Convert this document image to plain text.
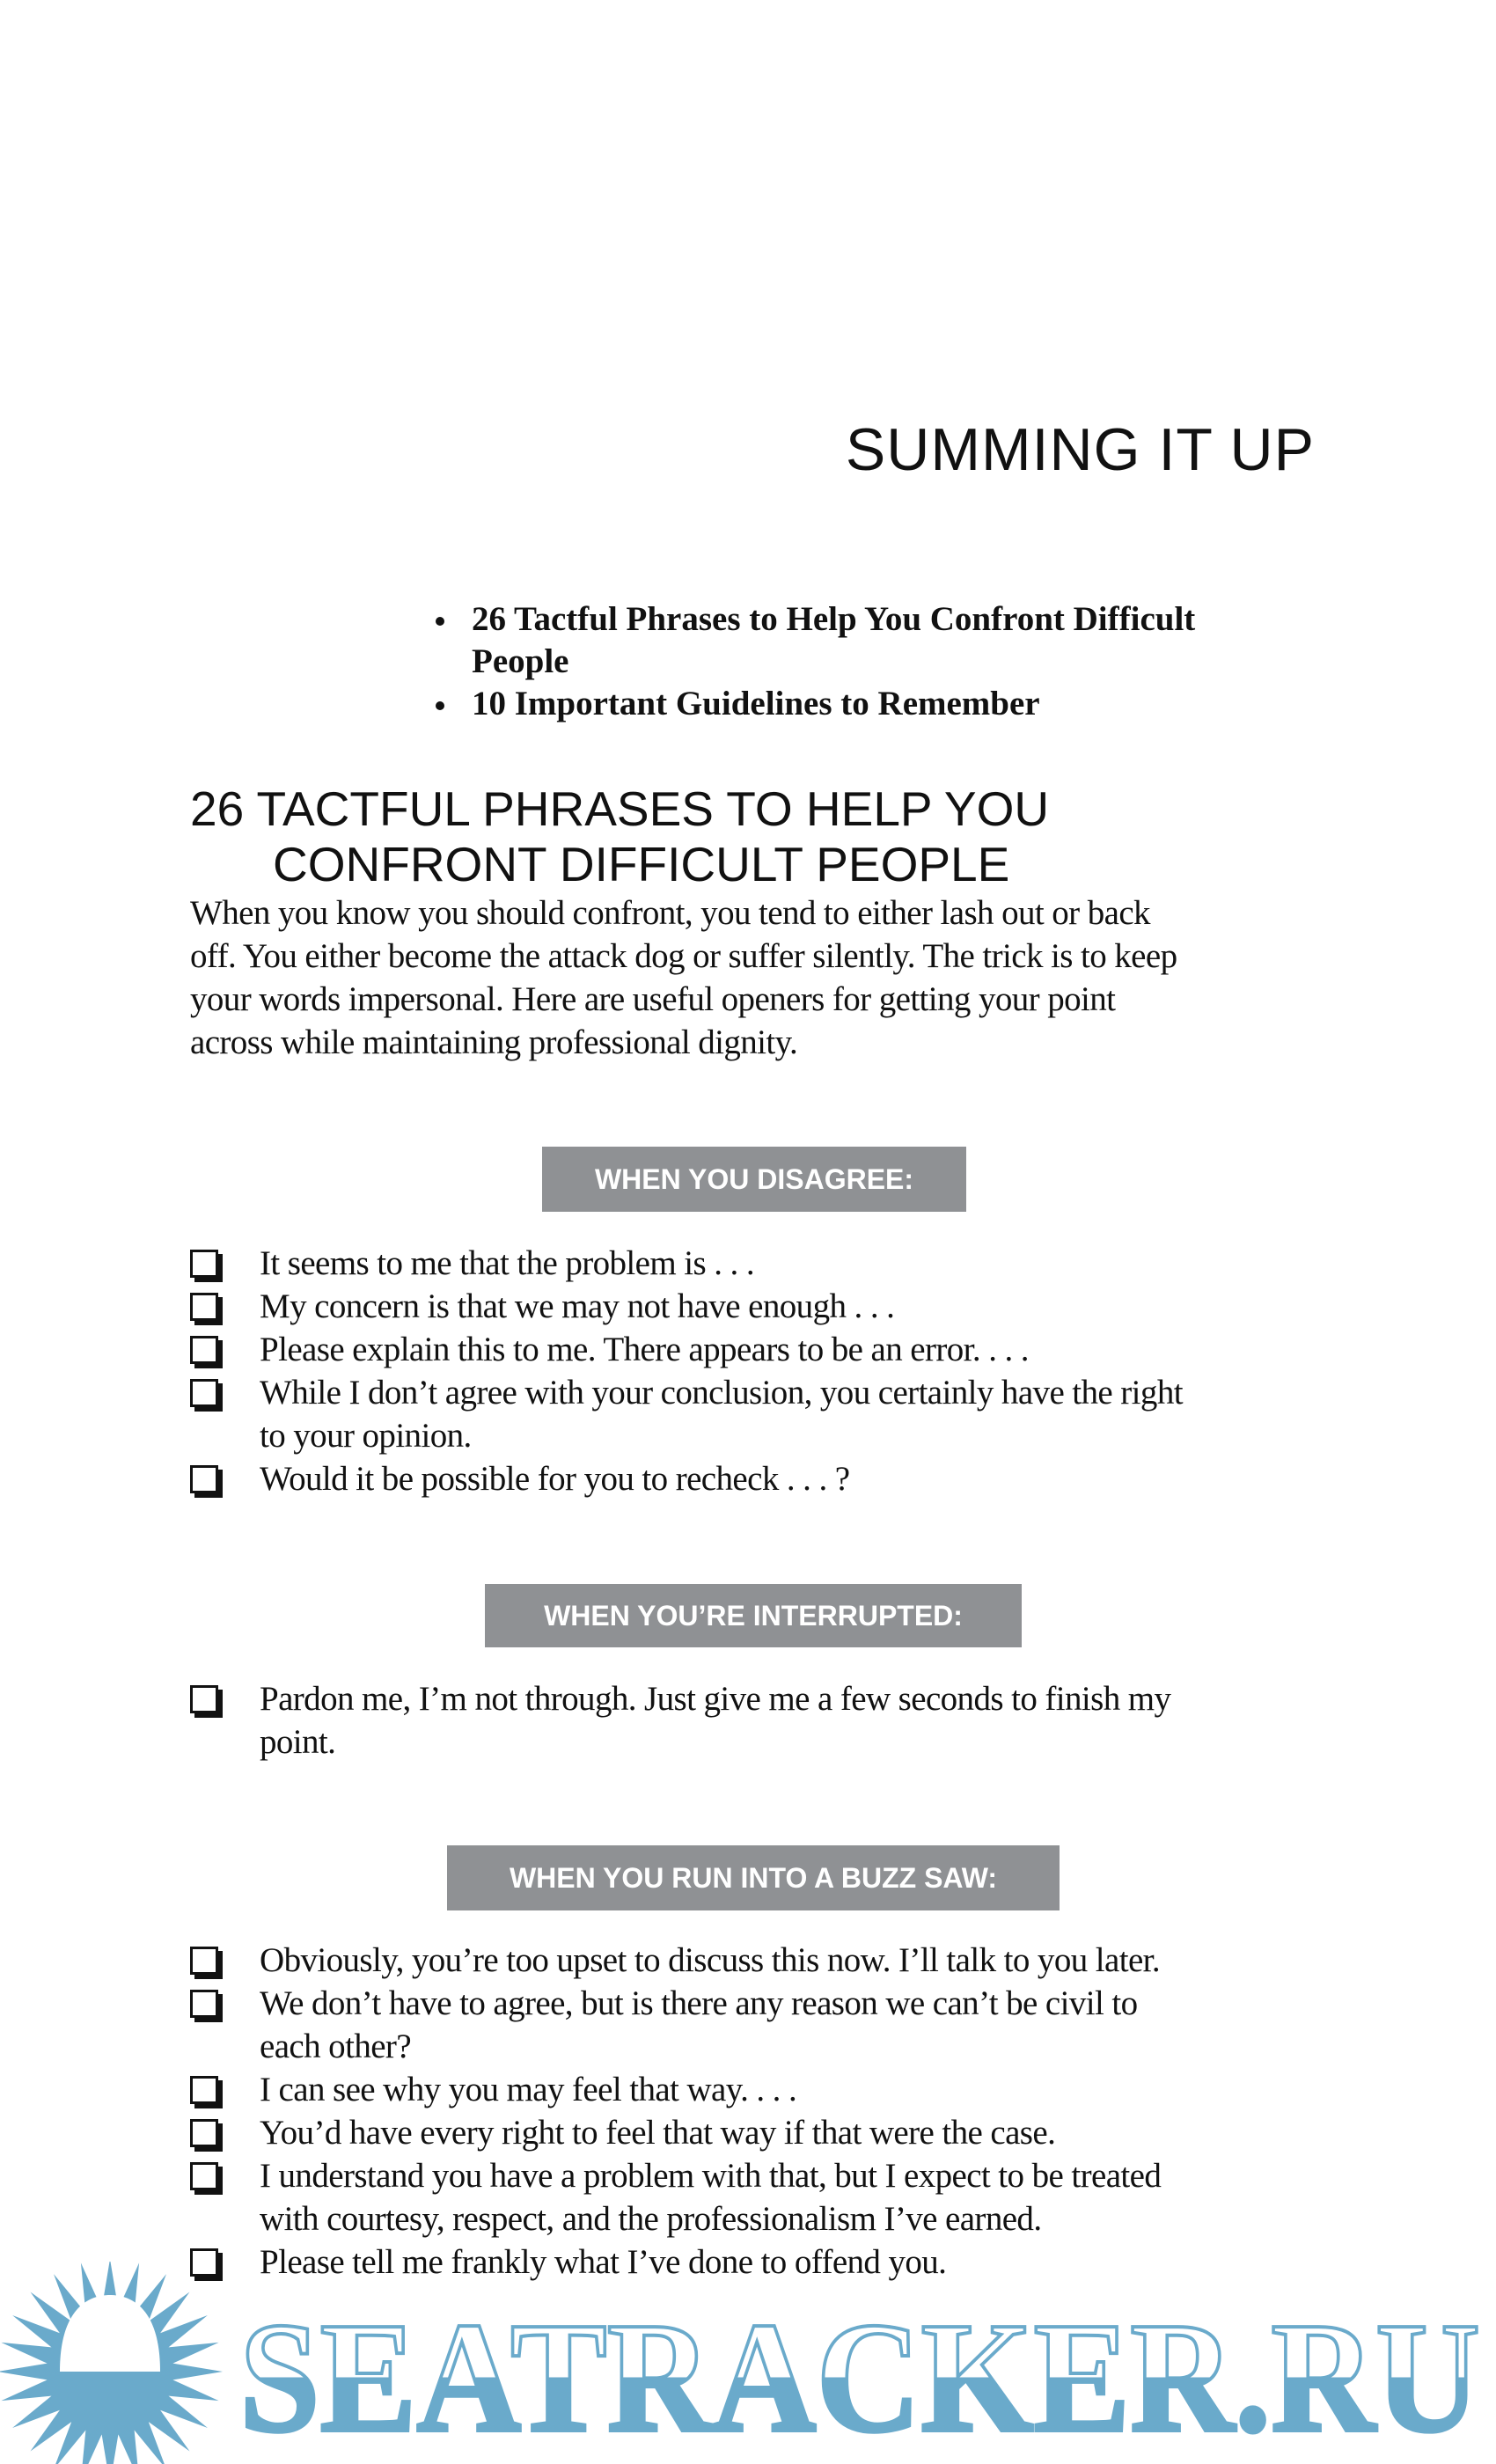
SUMMING IT UP
26 Tactful Phrases to Help You Confront Difficult People
10 Important Guidelines to Remember
26 TACTFUL PHRASES TO HELP YOU
CONFRONT DIFFICULT PEOPLE
When you know you should confront, you tend to either lash out or back
off. You either become the attack dog or suffer silently. The trick is to keep
your words impersonal. Here are useful openers for getting your point
across while maintaining professional dignity.
WHEN YOU DISAGREE:
It seems to me that the problem is . . .
My concern is that we may not have enough . . .
Please explain this to me. There appears to be an error. . . .
While I don’t agree with your conclusion, you certainly have the right
to your opinion.
Would it be possible for you to recheck . . . ?
WHEN YOU’RE INTERRUPTED:
Pardon me, I’m not through. Just give me a few seconds to finish my
point.
WHEN YOU RUN INTO A BUZZ SAW:
Obviously, you’re too upset to discuss this now. I’ll talk to you later.
We don’t have to agree, but is there any reason we can’t be civil to
each other?
I can see why you may feel that way. . . .
You’d have every right to feel that way if that were the case.
I understand you have a problem with that, but I expect to be treated
with courtesy, respect, and the professionalism I’ve earned.
Please tell me frankly what I’ve done to offend you.
SEATRACKER.RU
